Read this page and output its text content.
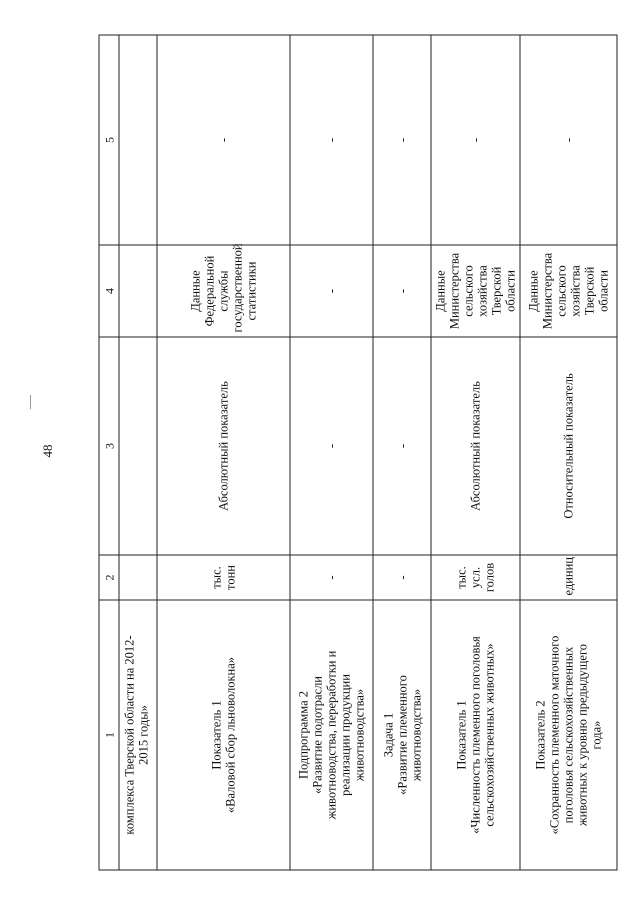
48
1	2	3	4	5
комплекса Тверской области на 2012-
2015 годы»				
Показатель 1
«Валовой сбор льноволокна»	тыс.
тонн	Абсолютный показатель	Данные
Федеральной
службы
государственной
статистики	-
Подпрограмма 2
«Развитие подотрасли
животноводства, переработки и
реализации продукции
животноводства»	-	-	-	-
Задача 1
«Развитие племенного
животноводства»	-	-	-	-
Показатель 1
«Численность племенного поголовья
сельскохозяйственных животных»	тыс.
усл.
голов	Абсолютный показатель	Данные
Министерства
сельского
хозяйства
Тверской области	-
Показатель 2
«Сохранность племенного маточного
поголовья сельскохозяйственных
животных к уровню предыдущего
года»	единиц	Относительный показатель	Данные
Министерства
сельского
хозяйства
Тверской области	-
